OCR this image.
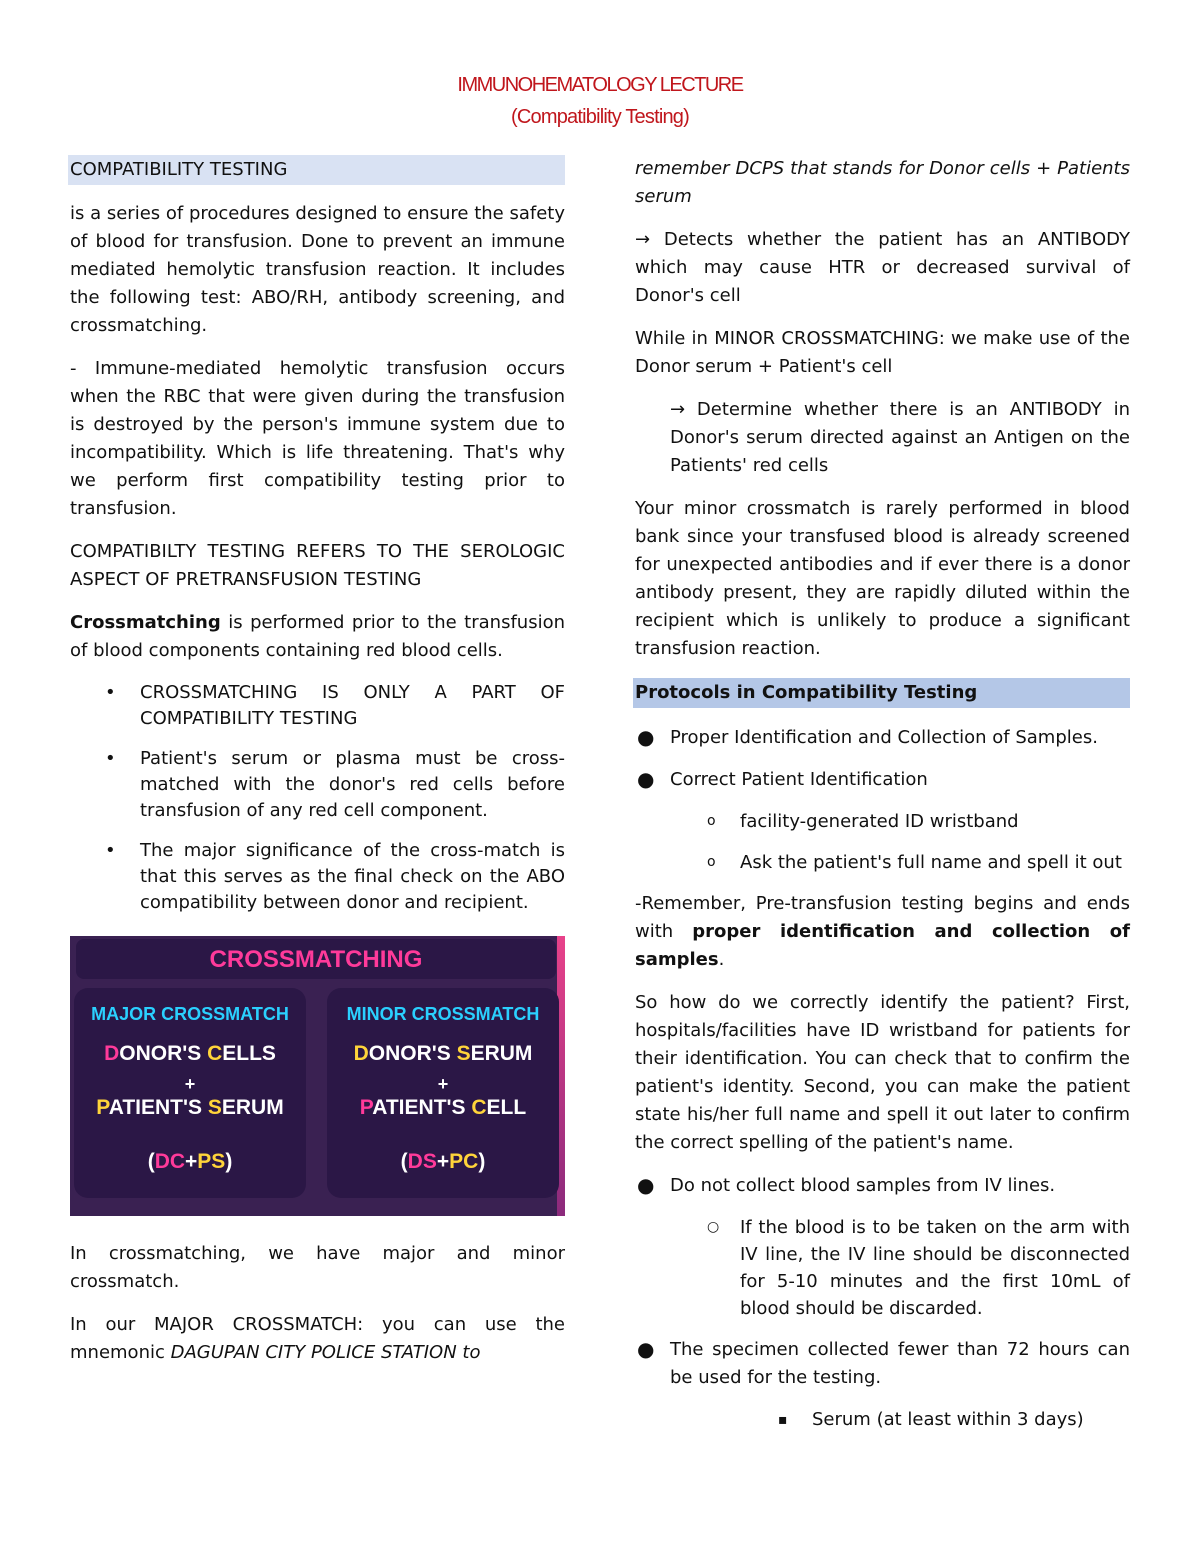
IMMUNOHEMATOLOGY LECTURE
(Compatibility Testing)
COMPATIBILITY TESTING

is a series of procedures designed to ensure the safety of blood for transfusion. Done to prevent an immune mediated hemolytic transfusion reaction. It includes the following test: ABO/RH, antibody screening, and crossmatching.

- Immune-mediated hemolytic transfusion occurs when the RBC that were given during the transfusion is destroyed by the person's immune system due to incompatibility. Which is life threatening. That's why we perform first compatibility testing prior to transfusion.

COMPATIBILTY TESTING REFERS TO THE SEROLOGIC ASPECT OF PRETRANSFUSION TESTING

Crossmatching is performed prior to the transfusion of blood components containing red blood cells.

• CROSSMATCHING IS ONLY A PART OF COMPATIBILITY TESTING
• Patient's serum or plasma must be cross-matched with the donor's red cells before transfusion of any red cell component.
• The major significance of the cross-match is that this serves as the final check on the ABO compatibility between donor and recipient.
CROSSMATCHING
MAJOR CROSSMATCH
DONOR'S CELLS
+
PATIENT'S SERUM
(DC+PS)
MINOR CROSSMATCH
DONOR'S SERUM
+
PATIENT'S CELL
(DS+PC)

In crossmatching, we have major and minor crossmatch.

In our MAJOR CROSSMATCH: you can use the mnemonic DAGUPAN CITY POLICE STATION to

remember DCPS that stands for Donor cells + Patients serum

→ Detects whether the patient has an ANTIBODY which may cause HTR or decreased survival of Donor's cell

While in MINOR CROSSMATCHING: we make use of the Donor serum + Patient's cell

→ Determine whether there is an ANTIBODY in Donor's serum directed against an Antigen on the Patients' red cells

Your minor crossmatch is rarely performed in blood bank since your transfused blood is already screened for unexpected antibodies and if ever there is a donor antibody present, they are rapidly diluted within the recipient which is unlikely to produce a significant transfusion reaction.

Protocols in Compatibility Testing
● Proper Identification and Collection of Samples.
● Correct Patient Identification
o facility-generated ID wristband
o Ask the patient's full name and spell it out

-Remember, Pre-transfusion testing begins and ends with proper identification and collection of samples.

So how do we correctly identify the patient? First, hospitals/facilities have ID wristband for patients for their identification. You can check that to confirm the patient's identity. Second, you can make the patient state his/her full name and spell it out later to confirm the correct spelling of the patient's name.

● Do not collect blood samples from IV lines.
○ If the blood is to be taken on the arm with IV line, the IV line should be disconnected for 5-10 minutes and the first 10mL of blood should be discarded.
● The specimen collected fewer than 72 hours can be used for the testing.
▪ Serum (at least within 3 days)
